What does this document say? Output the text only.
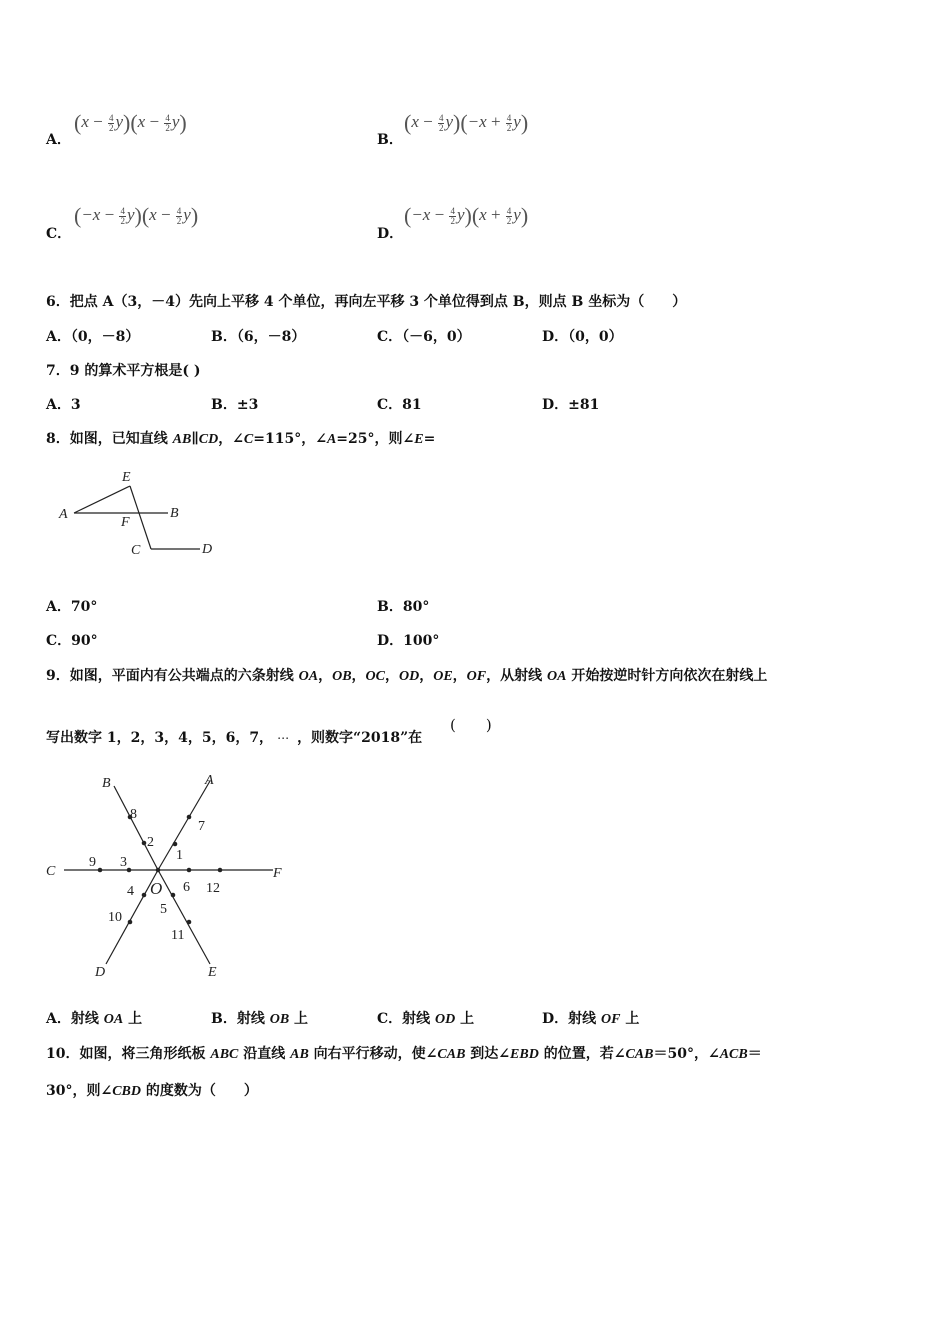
A．
$(x - \frac{4}{2} y)(x - \frac{4}{2} y)$
B．
$(x - \frac{4}{2} y)(-x + \frac{4}{2} y)$
C．
$(-x - \frac{4}{2} y)(x - \frac{4}{2} y)$
D．
$(-x - \frac{4}{2} y)(x + \frac{4}{2} y)$
6．把点 A（3，－4）先向上平移 4 个单位，再向左平移 3 个单位得到点 B，则点 B 坐标为（　　）
A．（0，－8）	B．（6，－8）	C．（－6，0）	D．（0，0）
7．9 的算术平方根是( )
A．3	B．±3	C．81	D．±81
8．如图，已知直线 AB∥CD，∠C=115°，∠A=25°，则∠E=
A	B
E
F
C	D
A．70°	B．80°
C．90°	D．100°
9．如图，平面内有公共端点的六条射线 OA，OB，OC，OD，OE，OF，从射线 OA 开始按逆时针方向依次在射线上
写出数字 1，2，3，4，5，6，7， … ，则数字“2018”在
(　　)
A
B
C
D	E
F
O
1
2
3
4
5
6
7
8
9
10
11
12
A．射线 OA 上	B．射线 OB 上	C．射线 OD 上	D．射线 OF 上
10．如图，将三角形纸板 ABC 沿直线 AB 向右平行移动，使∠CAB 到达∠EBD 的位置，若∠CAB＝50°，∠ACB＝
30°，则∠CBD 的度数为（　　）
